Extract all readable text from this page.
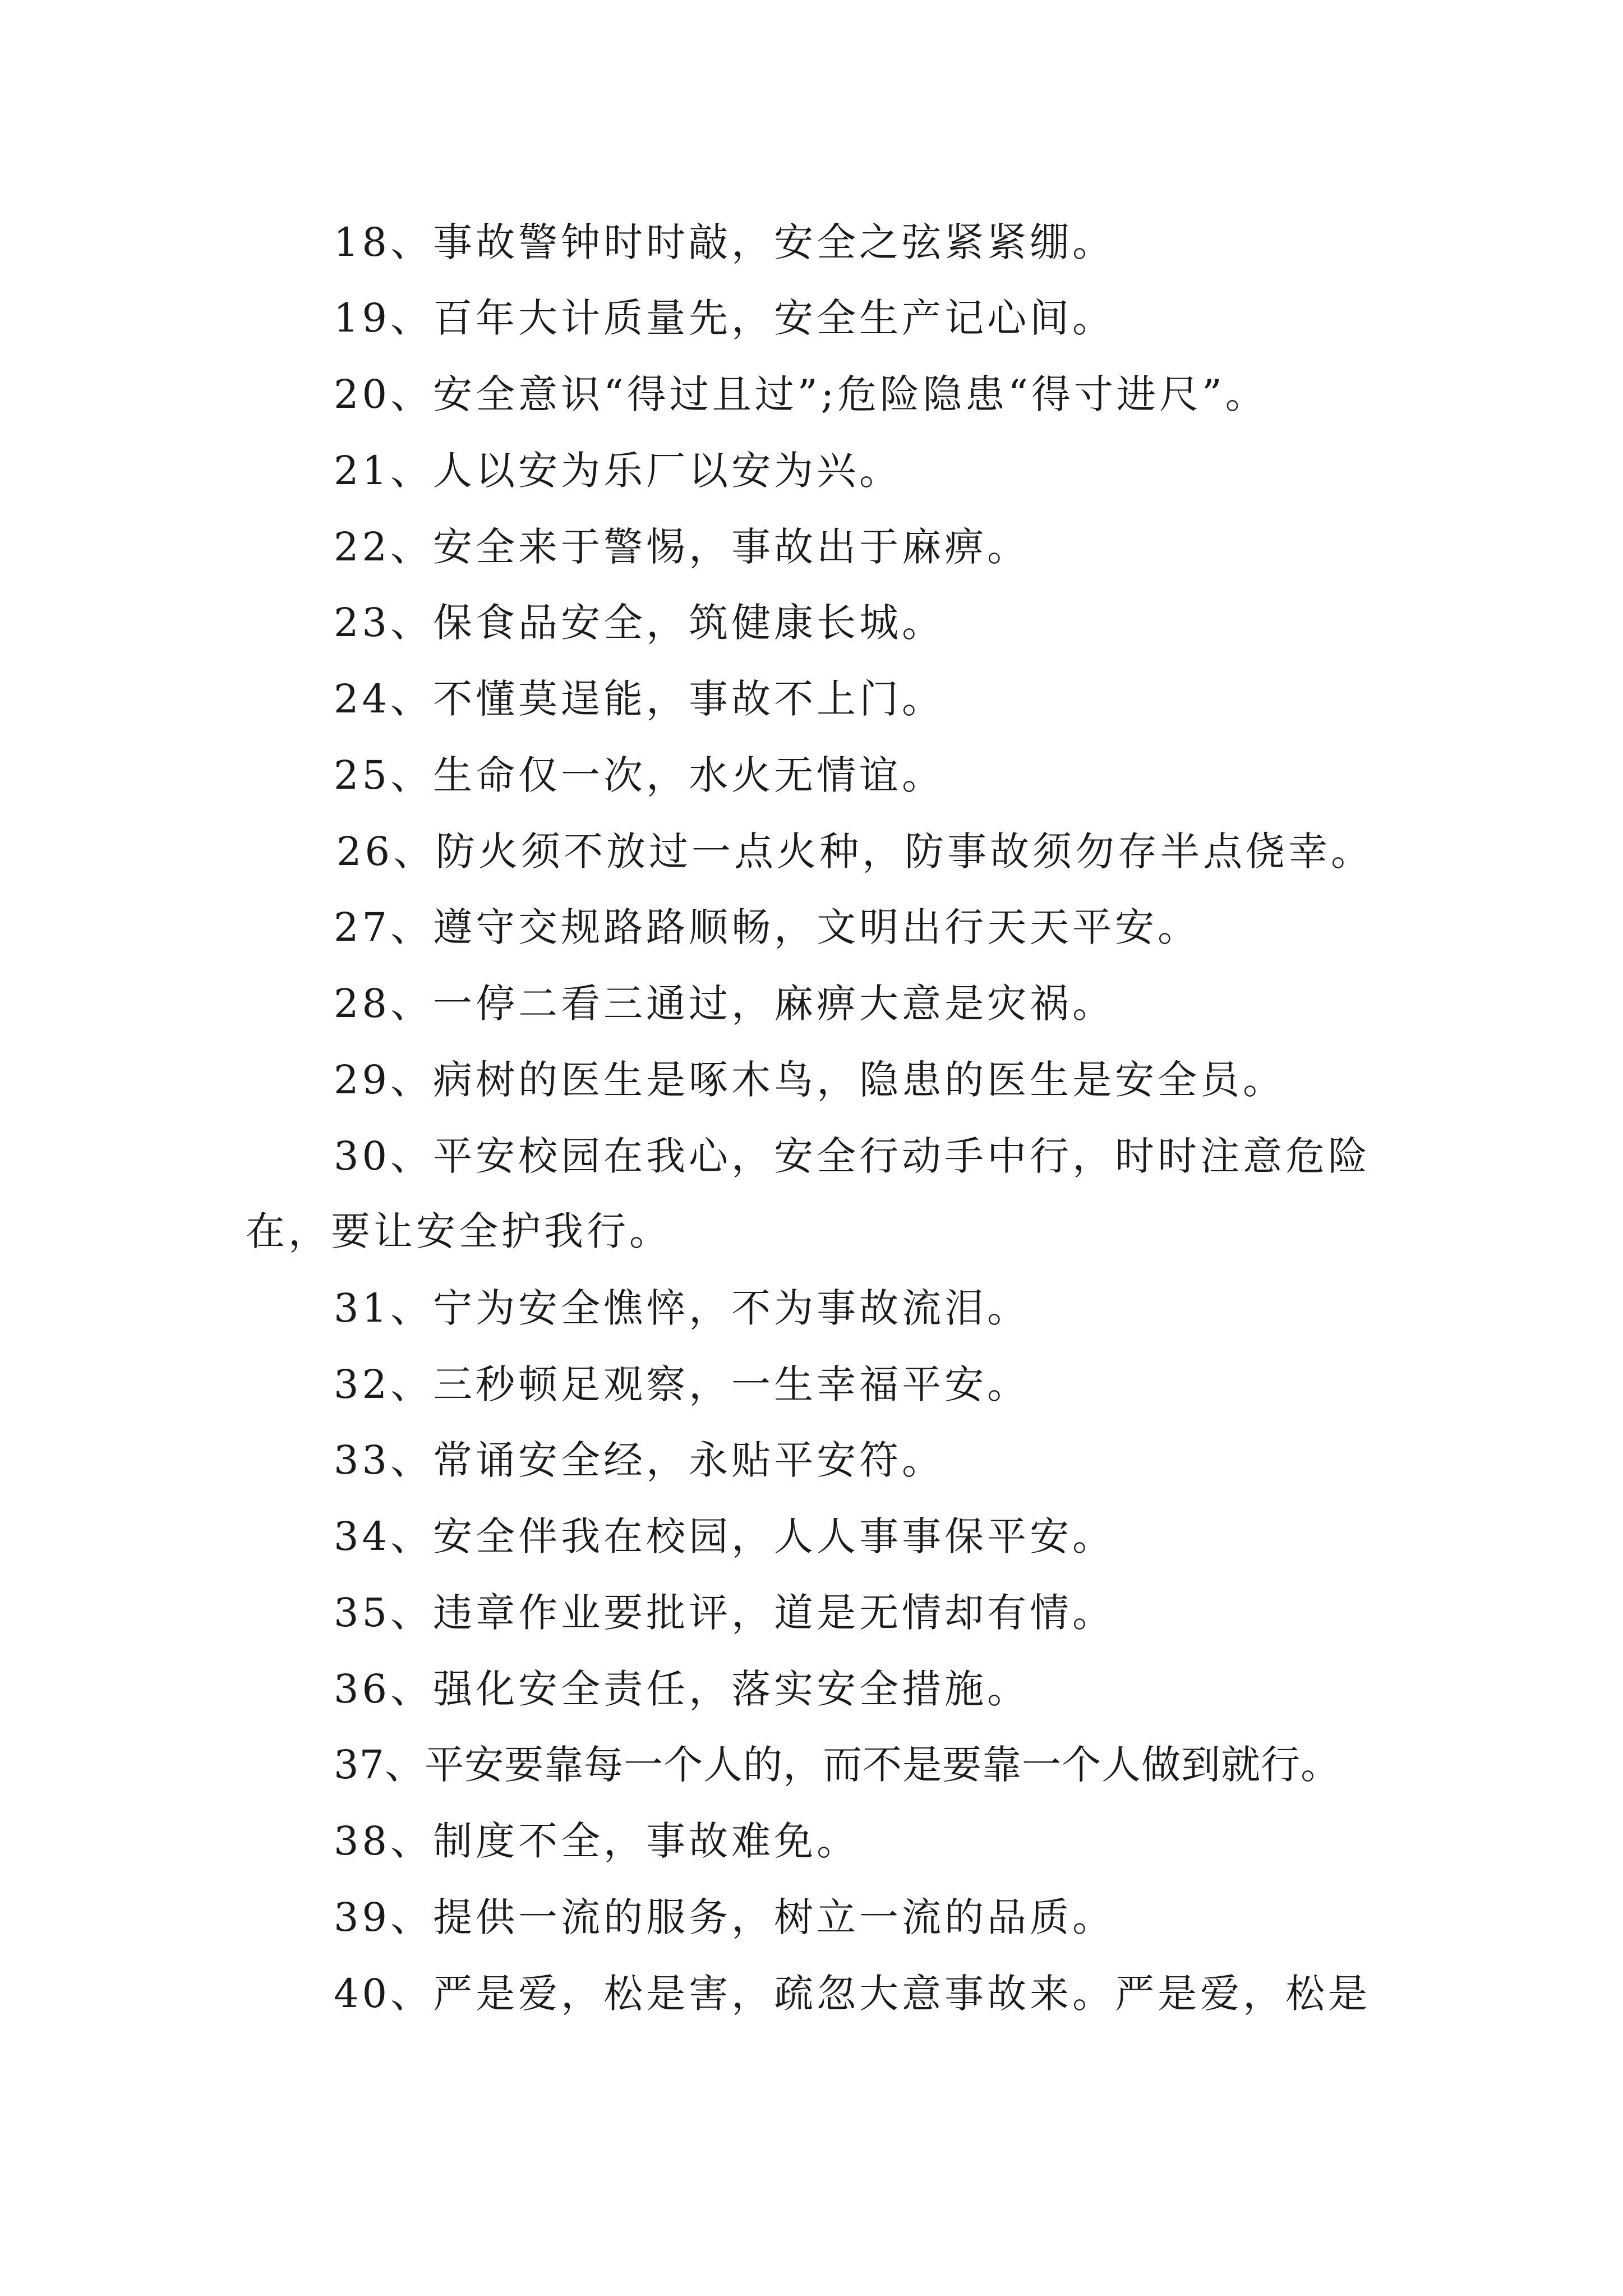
18、事故警钟时时敲，安全之弦紧紧绷。
19、百年大计质量先，安全生产记心间。
20、安全意识“得过且过”;危险隐患“得寸进尺”。
21、人以安为乐厂以安为兴。
22、安全来于警惕，事故出于麻痹。
23、保食品安全，筑健康长城。
24、不懂莫逞能，事故不上门。
25、生命仅一次，水火无情谊。
26、防火须不放过一点火种，防事故须勿存半点侥幸。
27、遵守交规路路顺畅，文明出行天天平安。
28、一停二看三通过，麻痹大意是灾祸。
29、病树的医生是啄木鸟，隐患的医生是安全员。
30、平安校园在我心，安全行动手中行，时时注意危险
在，要让安全护我行。
31、宁为安全憔悴，不为事故流泪。
32、三秒顿足观察，一生幸福平安。
33、常诵安全经，永贴平安符。
34、安全伴我在校园，人人事事保平安。
35、违章作业要批评，道是无情却有情。
36、强化安全责任，落实安全措施。
37、平安要靠每一个人的，而不是要靠一个人做到就行。
38、制度不全，事故难免。
39、提供一流的服务，树立一流的品质。
40、严是爱，松是害，疏忽大意事故来。严是爱，松是
